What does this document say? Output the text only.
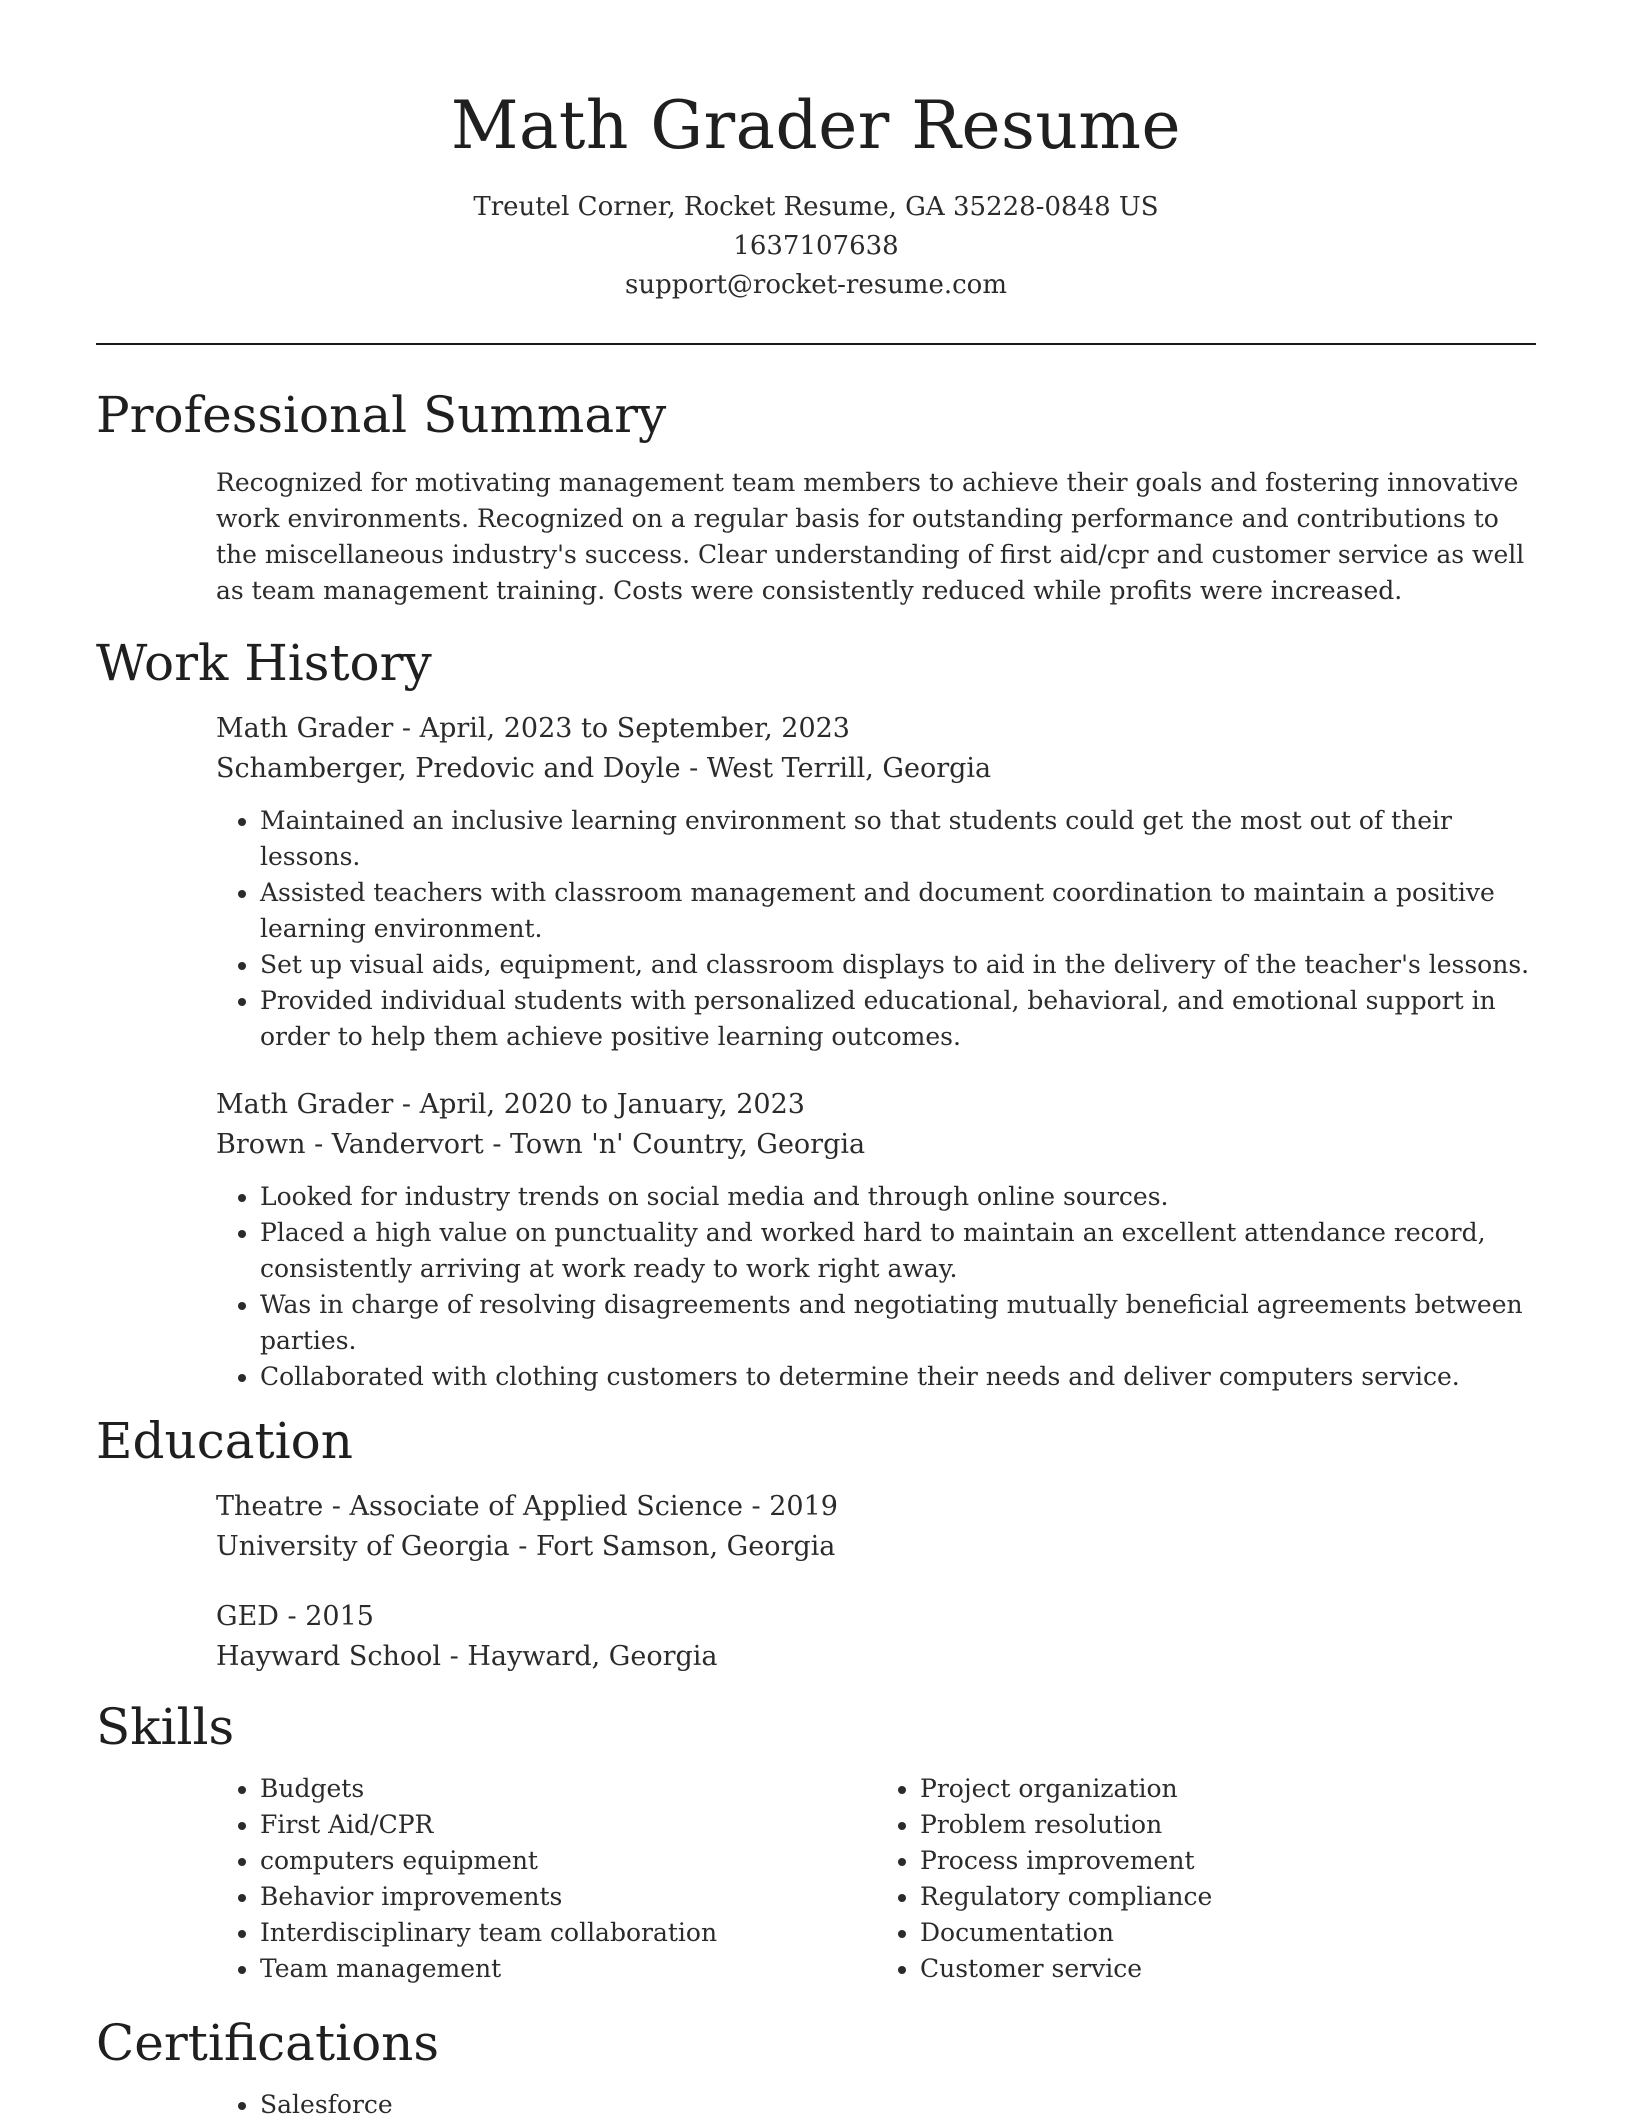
Math Grader Resume
Treutel Corner, Rocket Resume, GA 35228-0848 US
1637107638
support@rocket-resume.com
Professional Summary

Recognized for motivating management team members to achieve their goals and fostering innovative work environments. Recognized on a regular basis for outstanding performance and contributions to the miscellaneous industry's success. Clear understanding of first aid/cpr and customer service as well as team management training. Costs were consistently reduced while profits were increased.

Work History
Math Grader - April, 2023 to September, 2023
Schamberger, Predovic and Doyle - West Terrill, Georgia
• Maintained an inclusive learning environment so that students could get the most out of their lessons.
• Assisted teachers with classroom management and document coordination to maintain a positive learning environment.
• Set up visual aids, equipment, and classroom displays to aid in the delivery of the teacher's lessons.
• Provided individual students with personalized educational, behavioral, and emotional support in order to help them achieve positive learning outcomes.
Math Grader - April, 2020 to January, 2023
Brown - Vandervort - Town 'n' Country, Georgia
• Looked for industry trends on social media and through online sources.
• Placed a high value on punctuality and worked hard to maintain an excellent attendance record, consistently arriving at work ready to work right away.
• Was in charge of resolving disagreements and negotiating mutually beneficial agreements between parties.
• Collaborated with clothing customers to determine their needs and deliver computers service.
Education
Theatre - Associate of Applied Science - 2019
University of Georgia - Fort Samson, Georgia
GED - 2015
Hayward School - Hayward, Georgia
Skills
• Budgets
• First Aid/CPR
• computers equipment
• Behavior improvements
• Interdisciplinary team collaboration
• Team management
• Project organization
• Problem resolution
• Process improvement
• Regulatory compliance
• Documentation
• Customer service
Certifications
• Salesforce
